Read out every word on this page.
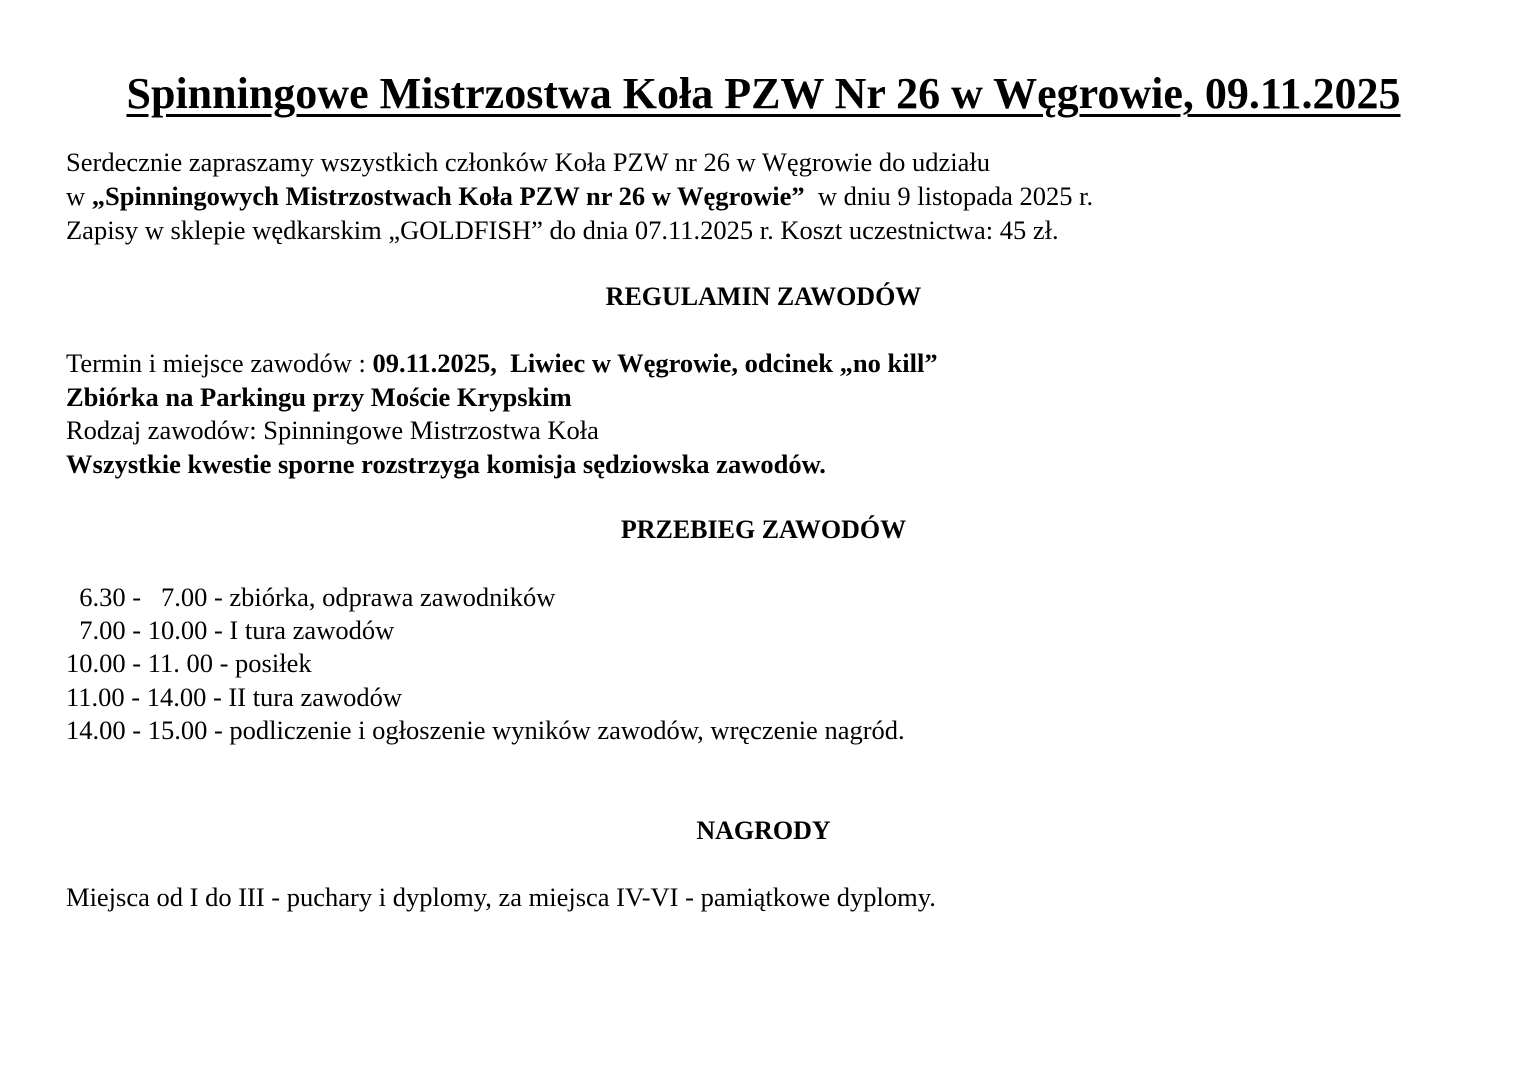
Spinningowe Mistrzostwa Koła PZW Nr 26 w Węgrowie, 09.11.2025
Serdecznie zapraszamy wszystkich członków Koła PZW nr 26 w Węgrowie do udziału
w „Spinningowych Mistrzostwach Koła PZW nr 26 w Węgrowie”  w dniu 9 listopada 2025 r.
Zapisy w sklepie wędkarskim „GOLDFISH” do dnia 07.11.2025 r. Koszt uczestnictwa: 45 zł.
REGULAMIN ZAWODÓW
Termin i miejsce zawodów : 09.11.2025,  Liwiec w Węgrowie, odcinek „no kill”
Zbiórka na Parkingu przy Moście Krypskim
Rodzaj zawodów: Spinningowe Mistrzostwa Koła
Wszystkie kwestie sporne rozstrzyga komisja sędziowska zawodów.
PRZEBIEG ZAWODÓW
6.30 -   7.00 - zbiórka, odprawa zawodników
7.00 - 10.00 - I tura zawodów
10.00 - 11. 00 - posiłek
11.00 - 14.00 - II tura zawodów
14.00 - 15.00 - podliczenie i ogłoszenie wyników zawodów, wręczenie nagród.
NAGRODY
Miejsca od I do III - puchary i dyplomy, za miejsca IV-VI - pamiątkowe dyplomy.
